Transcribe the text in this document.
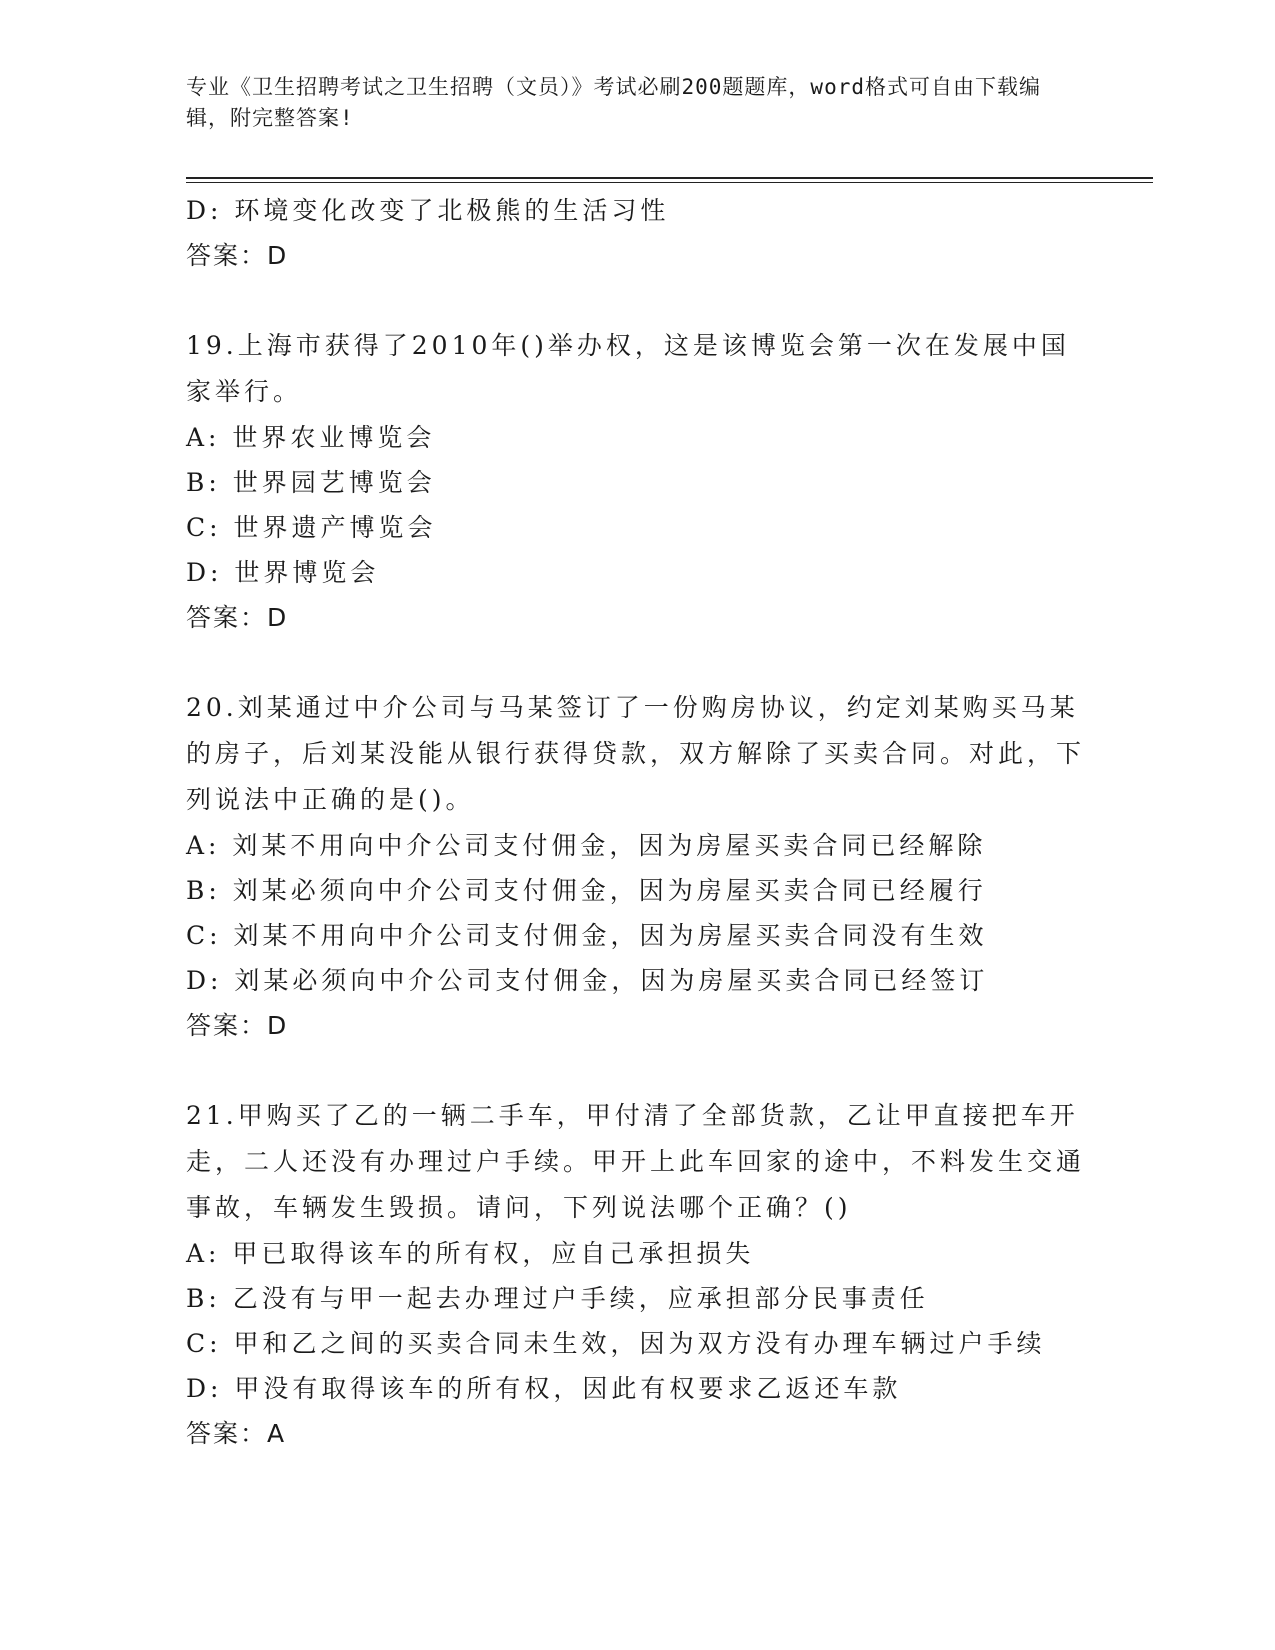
专业《卫生招聘考试之卫生招聘（文员）》考试必刷200题题库，word格式可自由下载编辑，附完整答案!
D: 环境变化改变了北极熊的生活习性
答案：D
19.上海市获得了2010年()举办权，这是该博览会第一次在发展中国家举行。
A: 世界农业博览会
B: 世界园艺博览会
C: 世界遗产博览会
D: 世界博览会
答案：D
20.刘某通过中介公司与马某签订了一份购房协议，约定刘某购买马某的房子，后刘某没能从银行获得贷款，双方解除了买卖合同。对此，下列说法中正确的是()。
A: 刘某不用向中介公司支付佣金，因为房屋买卖合同已经解除
B: 刘某必须向中介公司支付佣金，因为房屋买卖合同已经履行
C: 刘某不用向中介公司支付佣金，因为房屋买卖合同没有生效
D: 刘某必须向中介公司支付佣金，因为房屋买卖合同已经签订
答案：D
21.甲购买了乙的一辆二手车，甲付清了全部货款，乙让甲直接把车开走，二人还没有办理过户手续。甲开上此车回家的途中，不料发生交通事故，车辆发生毁损。请问，下列说法哪个正确？()
A: 甲已取得该车的所有权，应自己承担损失
B: 乙没有与甲一起去办理过户手续，应承担部分民事责任
C: 甲和乙之间的买卖合同未生效，因为双方没有办理车辆过户手续
D: 甲没有取得该车的所有权，因此有权要求乙返还车款
答案：A
